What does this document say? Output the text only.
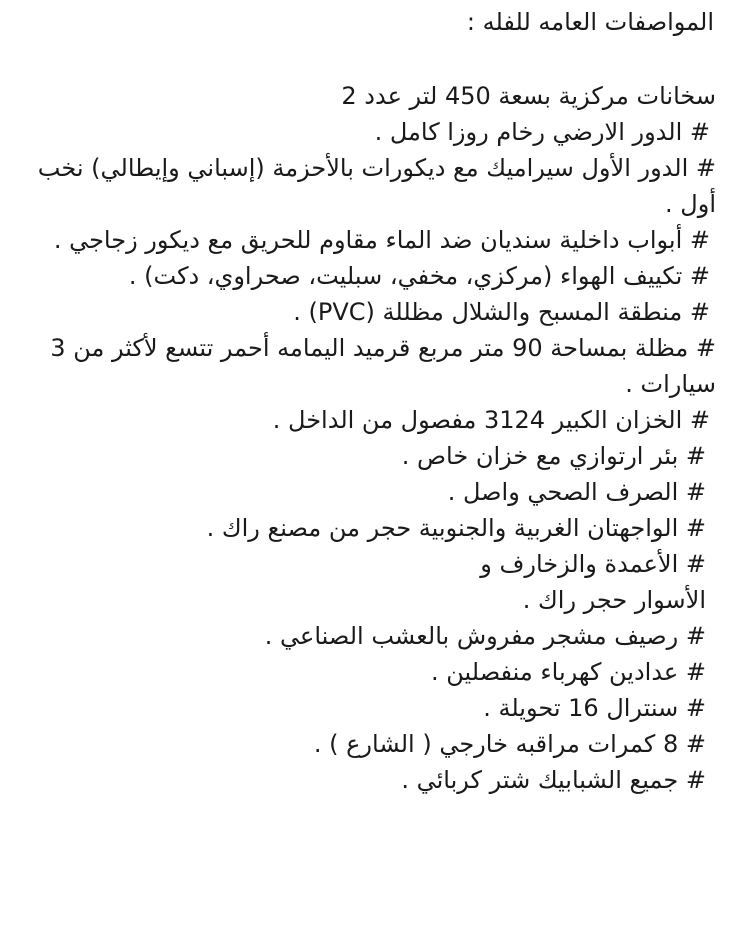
المواصفات العامه للفله :

سخانات مركزية بسعة 450 لتر عدد 2

# الدور الارضي رخام روزا كامل .

# الدور الأول سيراميك مع ديكورات بالأحزمة (إسباني وإيطالي) نخب أول .

# أبواب داخلية سنديان ضد الماء مقاوم للحريق مع ديكور زجاجي .

# تكييف الهواء (مركزي، مخفي، سبليت، صحراوي، دكت) .

# منطقة المسبح والشلال مظللة (PVC) .

# مظلة بمساحة 90 متر مربع قرميد اليمامه أحمر تتسع لأكثر من 3 سيارات .

# الخزان الكبير 3124 مفصول من الداخل .

# بئر ارتوازي مع خزان خاص .

# الصرف الصحي واصل .

# الواجهتان الغربية والجنوبية حجر من مصنع راك .

# الأعمدة والزخارف و

الأسوار حجر راك .

# رصيف مشجر مفروش بالعشب الصناعي .

# عدادين كهرباء منفصلين .

# سنترال 16 تحويلة .

# 8 كمرات مراقبه خارجي ( الشارع ) .

# جميع الشبابيك شتر كربائي .
